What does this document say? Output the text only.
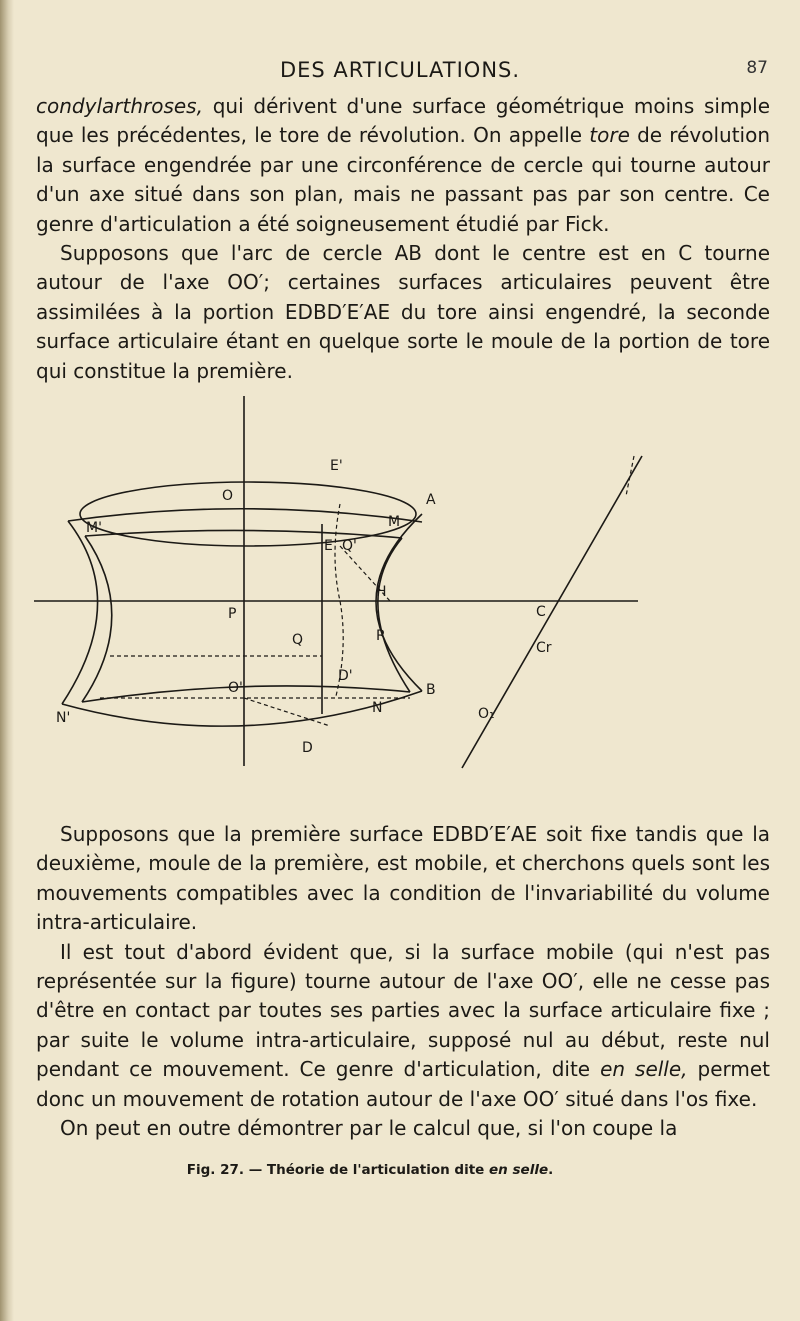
DES ARTICULATIONS.	87

condylarthroses, qui dérivent d'une surface géométrique moins simple que les précédentes, le tore de révolution. On appelle tore de révolution la surface engendrée par une circonférence de cercle qui tourne autour d'un axe situé dans son plan, mais ne passant pas par son centre. Ce genre d'articulation a été soigneusement étudié par Fick.

Supposons que l'arc de cercle AB dont le centre est en C tourne autour de l'axe OO′; certaines surfaces articulaires peuvent être assimilées à la portion EDBD′E′AE du tore ainsi engendré, la seconde surface articulaire étant en quelque sorte le moule de la portion de tore qui constitue la première.

E'
O	A
M'	M
E Q'
H
P
Q	R
C
Cr
O'
D'
B
N'
N
D
O₁
Fig. 27. — Théorie de l'articulation dite en selle.

Supposons que la première surface EDBD′E′AE soit fixe tandis que la deuxième, moule de la première, est mobile, et cherchons quels sont les mouvements compatibles avec la condition de l'invariabilité du volume intra-articulaire.

Il est tout d'abord évident que, si la surface mobile (qui n'est pas représentée sur la figure) tourne autour de l'axe OO′, elle ne cesse pas d'être en contact par toutes ses parties avec la surface articulaire fixe ; par suite le volume intra-articulaire, supposé nul au début, reste nul pendant ce mouvement. Ce genre d'articulation, dite en selle, permet donc un mouvement de rotation autour de l'axe OO′ situé dans l'os fixe.

On peut en outre démontrer par le calcul que, si l'on coupe la
